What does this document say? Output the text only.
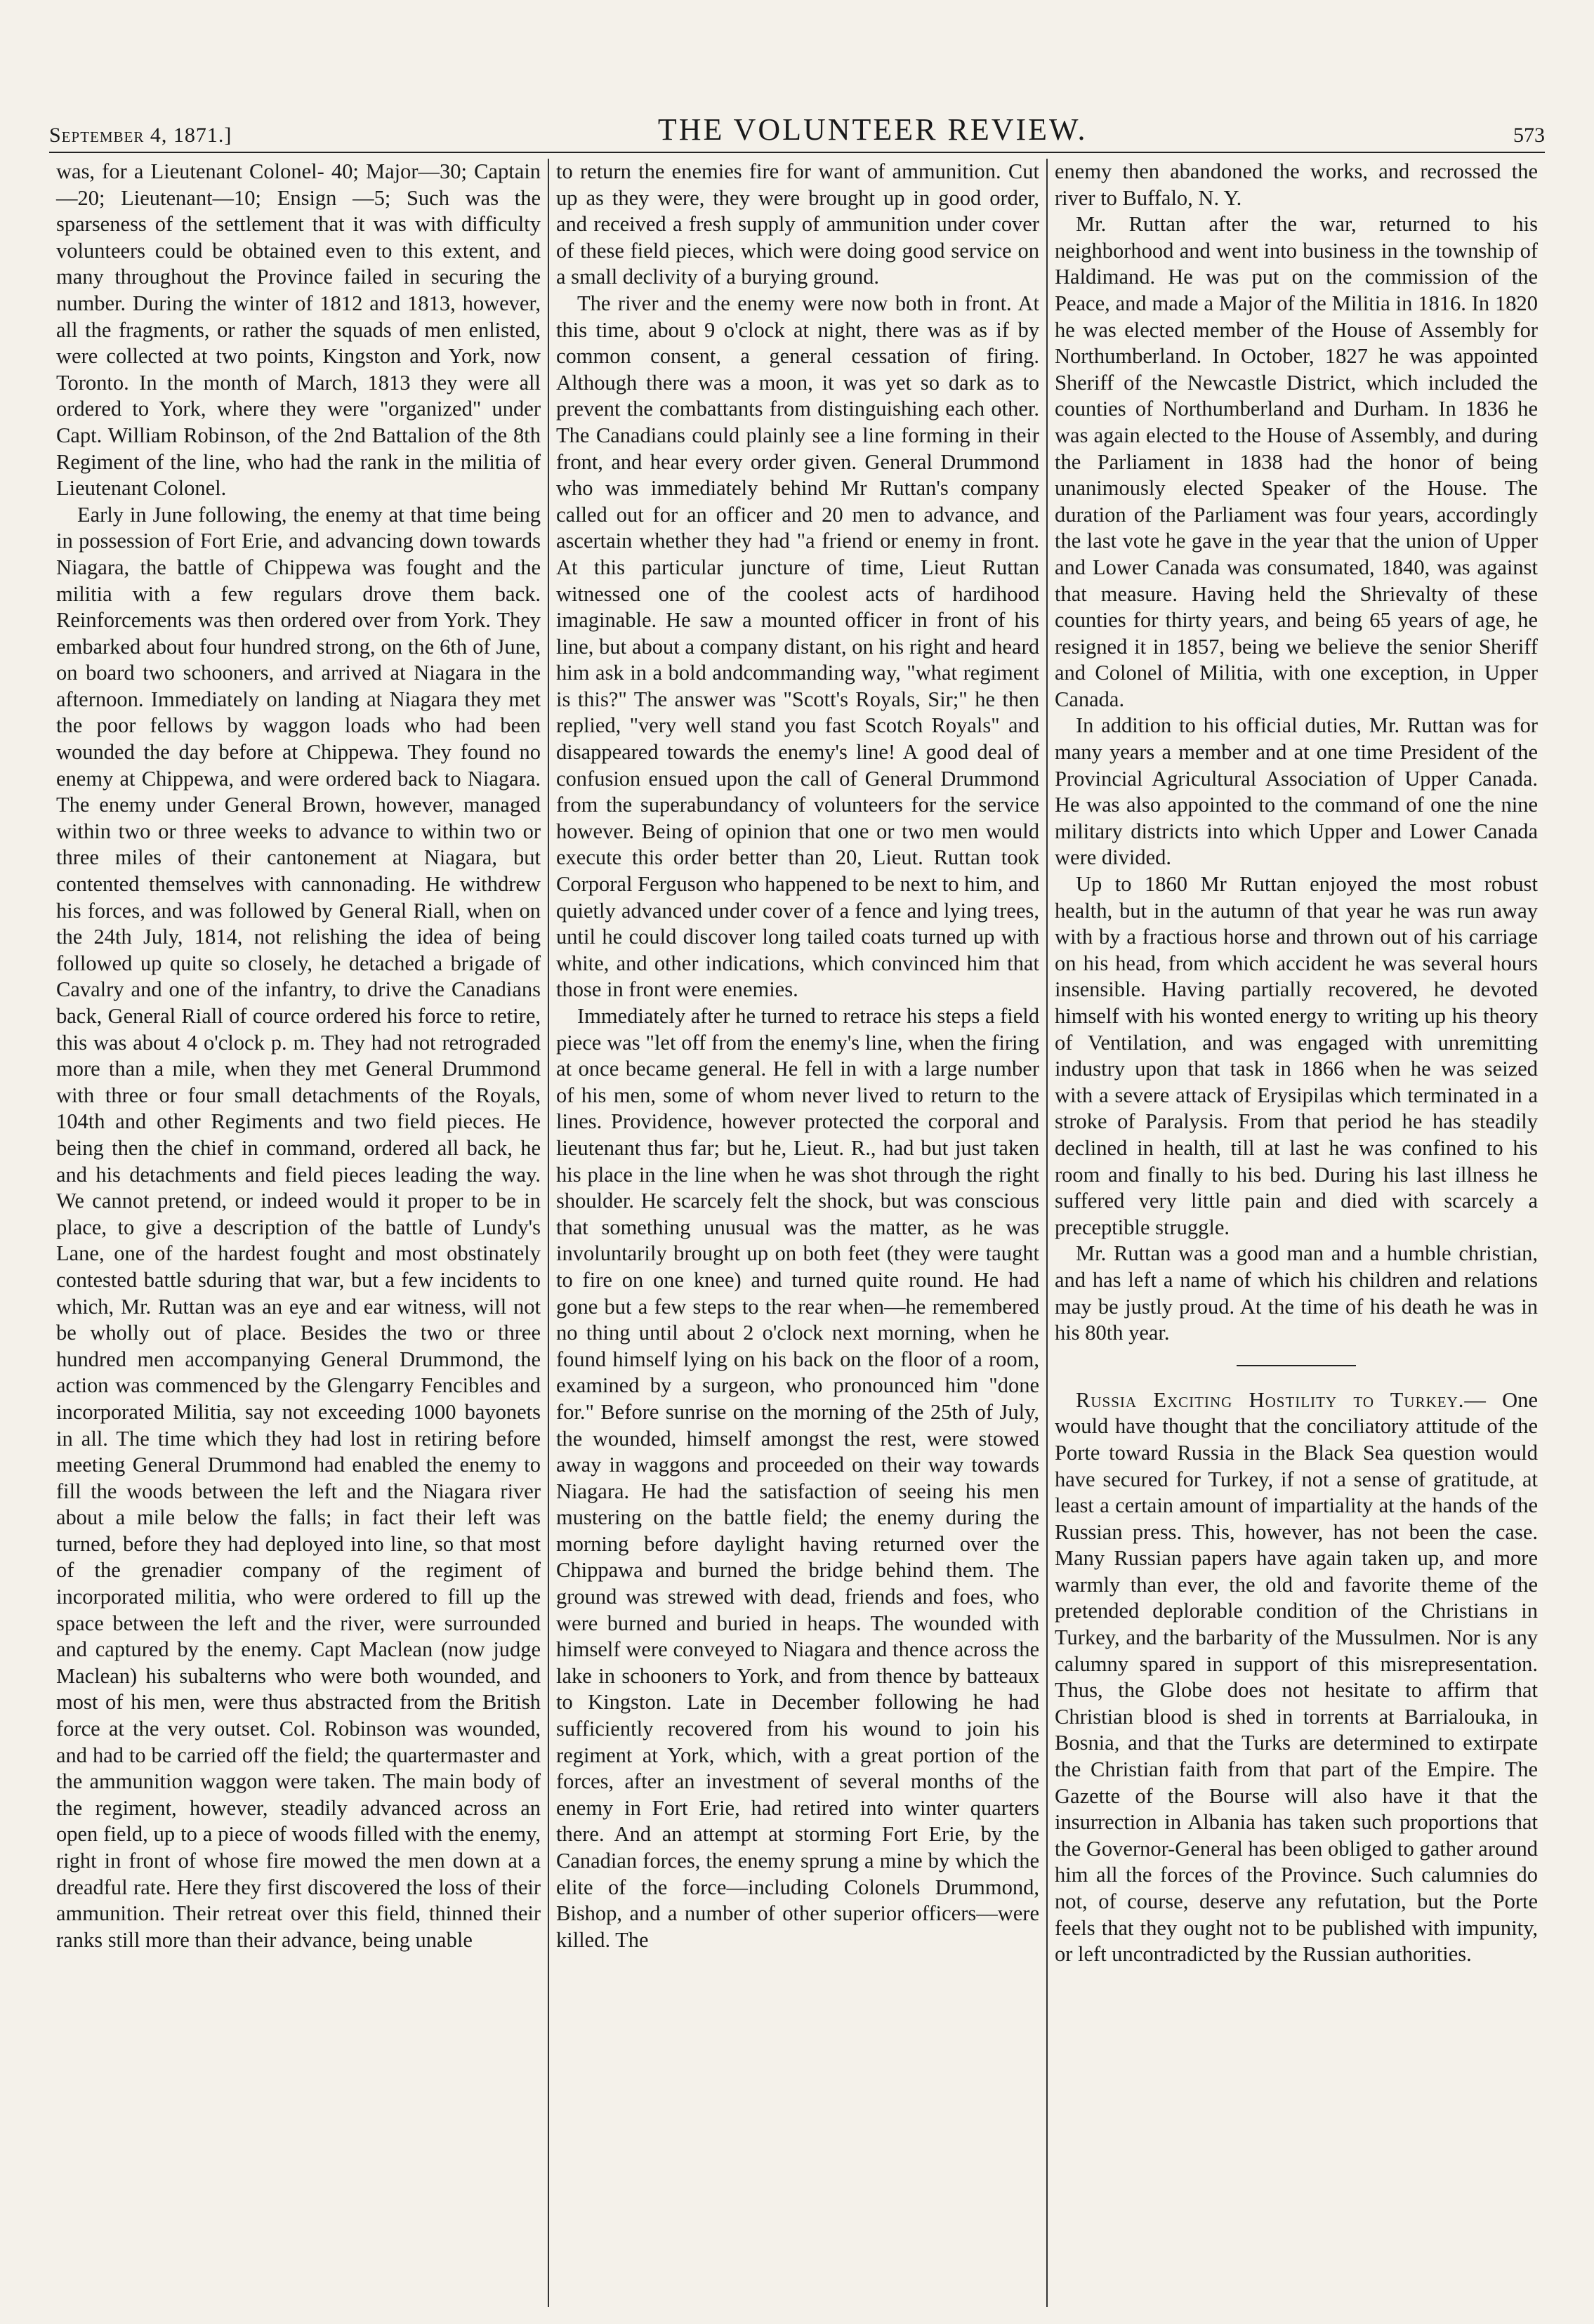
September 4, 1871.]	THE VOLUNTEER REVIEW.	573

was, for a Lieutenant Colonel- 40; Major—30; Captain—20; Lieutenant—10; Ensign —5; Such was the sparseness of the settlement that it was with difficulty volunteers could be obtained even to this extent, and many throughout the Province failed in securing the number. During the winter of 1812 and 1813, however, all the fragments, or rather the squads of men enlisted, were collected at two points, Kingston and York, now Toronto. In the month of March, 1813 they were all ordered to York, where they were "organized" under Capt. William Robinson, of the 2nd Battalion of the 8th Regiment of the line, who had the rank in the militia of Lieutenant Colonel.

Early in June following, the enemy at that time being in possession of Fort Erie, and advancing down towards Niagara, the battle of Chippewa was fought and the militia with a few regulars drove them back. Reinforcements was then ordered over from York. They embarked about four hundred strong, on the 6th of June, on board two schooners, and arrived at Niagara in the afternoon. Immediately on landing at Niagara they met the poor fellows by waggon loads who had been wounded the day before at Chippewa. They found no enemy at Chippewa, and were ordered back to Niagara. The enemy under General Brown, however, managed within two or three weeks to advance to within two or three miles of their cantonement at Niagara, but contented themselves with cannonading. He withdrew his forces, and was followed by General Riall, when on the 24th July, 1814, not relishing the idea of being followed up quite so closely, he detached a brigade of Cavalry and one of the infantry, to drive the Canadians back, General Riall of cource ordered his force to retire, this was about 4 o'clock p. m. They had not retrograded more than a mile, when they met General Drummond with three or four small detachments of the Royals, 104th and other Regiments and two field pieces. He being then the chief in command, ordered all back, he and his detachments and field pieces leading the way. We cannot pretend, or indeed would it proper to be in place, to give a description of the battle of Lundy's Lane, one of the hardest fought and most obstinately contested battle sduring that war, but a few incidents to which, Mr. Ruttan was an eye and ear witness, will not be wholly out of place. Besides the two or three hundred men accompanying General Drummond, the action was commenced by the Glengarry Fencibles and incorporated Militia, say not exceeding 1000 bayonets in all. The time which they had lost in retiring before meeting General Drummond had enabled the enemy to fill the woods between the left and the Niagara river about a mile below the falls; in fact their left was turned, before they had deployed into line, so that most of the grenadier company of the regiment of incorporated militia, who were ordered to fill up the space between the left and the river, were surrounded and captured by the enemy. Capt Maclean (now judge Maclean) his subalterns who were both wounded, and most of his men, were thus abstracted from the British force at the very outset. Col. Robinson was wounded, and had to be carried off the field; the quartermaster and the ammunition waggon were taken. The main body of the regiment, however, steadily advanced across an open field, up to a piece of woods filled with the enemy, right in front of whose fire mowed the men down at a dreadful rate. Here they first discovered the loss of their ammunition. Their retreat over this field, thinned their ranks still more than their advance, being unable

to return the enemies fire for want of ammunition. Cut up as they were, they were brought up in good order, and received a fresh supply of ammunition under cover of these field pieces, which were doing good service on a small declivity of a burying ground.

The river and the enemy were now both in front. At this time, about 9 o'clock at night, there was as if by common consent, a general cessation of firing. Although there was a moon, it was yet so dark as to prevent the combattants from distinguishing each other. The Canadians could plainly see a line forming in their front, and hear every order given. General Drummond who was immediately behind Mr Ruttan's company called out for an officer and 20 men to advance, and ascertain whether they had "a friend or enemy in front. At this particular juncture of time, Lieut Ruttan witnessed one of the coolest acts of hardihood imaginable. He saw a mounted officer in front of his line, but about a company distant, on his right and heard him ask in a bold andcommanding way, "what regiment is this?" The answer was "Scott's Royals, Sir;" he then replied, "very well stand you fast Scotch Royals" and disappeared towards the enemy's line! A good deal of confusion ensued upon the call of General Drummond from the superabundancy of volunteers for the service however. Being of opinion that one or two men would execute this order better than 20, Lieut. Ruttan took Corporal Ferguson who happened to be next to him, and quietly advanced under cover of a fence and lying trees, until he could discover long tailed coats turned up with white, and other indications, which convinced him that those in front were enemies.

Immediately after he turned to retrace his steps a field piece was "let off from the enemy's line, when the firing at once became general. He fell in with a large number of his men, some of whom never lived to return to the lines. Providence, however protected the corporal and lieutenant thus far; but he, Lieut. R., had but just taken his place in the line when he was shot through the right shoulder. He scarcely felt the shock, but was conscious that something unusual was the matter, as he was involuntarily brought up on both feet (they were taught to fire on one knee) and turned quite round. He had gone but a few steps to the rear when—he remembered no thing until about 2 o'clock next morning, when he found himself lying on his back on the floor of a room, examined by a surgeon, who pronounced him "done for." Before sunrise on the morning of the 25th of July, the wounded, himself amongst the rest, were stowed away in waggons and proceeded on their way towards Niagara. He had the satisfaction of seeing his men mustering on the battle field; the enemy during the morning before daylight having returned over the Chippawa and burned the bridge behind them. The ground was strewed with dead, friends and foes, who were burned and buried in heaps. The wounded with himself were conveyed to Niagara and thence across the lake in schooners to York, and from thence by batteaux to Kingston. Late in December following he had sufficiently recovered from his wound to join his regiment at York, which, with a great portion of the forces, after an investment of several months of the enemy in Fort Erie, had retired into winter quarters there. And an attempt at storming Fort Erie, by the Canadian forces, the enemy sprung a mine by which the elite of the force—including Colonels Drummond, Bishop, and a number of other superior officers—were killed. The

enemy then abandoned the works, and recrossed the river to Buffalo, N. Y.

Mr. Ruttan after the war, returned to his neighborhood and went into business in the township of Haldimand. He was put on the commission of the Peace, and made a Major of the Militia in 1816. In 1820 he was elected member of the House of Assembly for Northumberland. In October, 1827 he was appointed Sheriff of the Newcastle District, which included the counties of Northumberland and Durham. In 1836 he was again elected to the House of Assembly, and during the Parliament in 1838 had the honor of being unanimously elected Speaker of the House. The duration of the Parliament was four years, accordingly the last vote he gave in the year that the union of Upper and Lower Canada was consumated, 1840, was against that measure. Having held the Shrievalty of these counties for thirty years, and being 65 years of age, he resigned it in 1857, being we believe the senior Sheriff and Colonel of Militia, with one exception, in Upper Canada.

In addition to his official duties, Mr. Ruttan was for many years a member and at one time President of the Provincial Agricultural Association of Upper Canada. He was also appointed to the command of one the nine military districts into which Upper and Lower Canada were divided.

Up to 1860 Mr Ruttan enjoyed the most robust health, but in the autumn of that year he was run away with by a fractious horse and thrown out of his carriage on his head, from which accident he was several hours insensible. Having partially recovered, he devoted himself with his wonted energy to writing up his theory of Ventilation, and was engaged with unremitting industry upon that task in 1866 when he was seized with a severe attack of Erysipilas which terminated in a stroke of Paralysis. From that period he has steadily declined in health, till at last he was confined to his room and finally to his bed. During his last illness he suffered very little pain and died with scarcely a preceptible struggle.

Mr. Ruttan was a good man and a humble christian, and has left a name of which his children and relations may be justly proud. At the time of his death he was in his 80th year.

Russia Exciting Hostility to Turkey.— One would have thought that the conciliatory attitude of the Porte toward Russia in the Black Sea question would have secured for Turkey, if not a sense of gratitude, at least a certain amount of impartiality at the hands of the Russian press. This, however, has not been the case. Many Russian papers have again taken up, and more warmly than ever, the old and favorite theme of the pretended deplorable condition of the Christians in Turkey, and the barbarity of the Mussulmen. Nor is any calumny spared in support of this misrepresentation. Thus, the Globe does not hesitate to affirm that Christian blood is shed in torrents at Barrialouka, in Bosnia, and that the Turks are determined to extirpate the Christian faith from that part of the Empire. The Gazette of the Bourse will also have it that the insurrection in Albania has taken such proportions that the Governor-General has been obliged to gather around him all the forces of the Province. Such calumnies do not, of course, deserve any refutation, but the Porte feels that they ought not to be published with impunity, or left uncontradicted by the Russian authorities.
